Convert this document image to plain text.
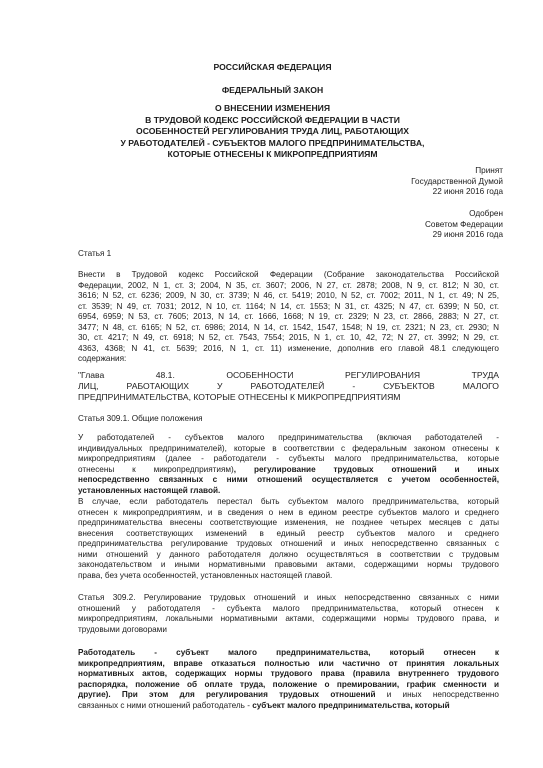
РОССИЙСКАЯ ФЕДЕРАЦИЯ
ФЕДЕРАЛЬНЫЙ ЗАКОН
О ВНЕСЕНИИ ИЗМЕНЕНИЯ
В ТРУДОВОЙ КОДЕКС РОССИЙСКОЙ ФЕДЕРАЦИИ В ЧАСТИ
ОСОБЕННОСТЕЙ РЕГУЛИРОВАНИЯ ТРУДА ЛИЦ, РАБОТАЮЩИХ
У РАБОТОДАТЕЛЕЙ - СУБЪЕКТОВ МАЛОГО ПРЕДПРИНИМАТЕЛЬСТВА,
КОТОРЫЕ ОТНЕСЕНЫ К МИКРОПРЕДПРИЯТИЯМ
Принят
Государственной Думой
22 июня 2016 года
Одобрен
Советом Федерации
29 июня 2016 года
Статья 1
Внести в Трудовой кодекс Российской Федерации (Собрание законодательства Российской
Федерации, 2002, N 1, ст. 3; 2004, N 35, ст. 3607; 2006, N 27, ст. 2878; 2008, N 9, ст. 812; N 30, ст.
3616; N 52, ст. 6236; 2009, N 30, ст. 3739; N 46, ст. 5419; 2010, N 52, ст. 7002; 2011, N 1, ст. 49; N 25,
ст. 3539; N 49, ст. 7031; 2012, N 10, ст. 1164; N 14, ст. 1553; N 31, ст. 4325; N 47, ст. 6399; N 50, ст.
6954, 6959; N 53, ст. 7605; 2013, N 14, ст. 1666, 1668; N 19, ст. 2329; N 23, ст. 2866, 2883; N 27, ст.
3477; N 48, ст. 6165; N 52, ст. 6986; 2014, N 14, ст. 1542, 1547, 1548; N 19, ст. 2321; N 23, ст. 2930; N
30, ст. 4217; N 49, ст. 6918; N 52, ст. 7543, 7554; 2015, N 1, ст. 10, 42, 72; N 27, ст. 3992; N 29, ст.
4363, 4368; N 41, ст. 5639; 2016, N 1, ст. 11) изменение, дополнив его главой 48.1 следующего
содержания:
"Глава 48.1. ОСОБЕННОСТИ РЕГУЛИРОВАНИЯ ТРУДА
ЛИЦ, РАБОТАЮЩИХ У РАБОТОДАТЕЛЕЙ - СУБЪЕКТОВ МАЛОГО
ПРЕДПРИНИМАТЕЛЬСТВА, КОТОРЫЕ ОТНЕСЕНЫ К МИКРОПРЕДПРИЯТИЯМ
Статья 309.1. Общие положения
У работодателей - субъектов малого предпринимательства (включая работодателей -
индивидуальных предпринимателей), которые в соответствии с федеральным законом отнесены к
микропредприятиям (далее - работодатели - субъекты малого предпринимательства, которые
отнесены к микропредприятиям), регулирование трудовых отношений и иных
непосредственно связанных с ними отношений осуществляется с учетом особенностей,
установленных настоящей главой.
В случае, если работодатель перестал быть субъектом малого предпринимательства, который
отнесен к микропредприятиям, и в сведения о нем в едином реестре субъектов малого и среднего
предпринимательства внесены соответствующие изменения, не позднее четырех месяцев с даты
внесения соответствующих изменений в единый реестр субъектов малого и среднего
предпринимательства регулирование трудовых отношений и иных непосредственно связанных с
ними отношений у данного работодателя должно осуществляться в соответствии с трудовым
законодательством и иными нормативными правовыми актами, содержащими нормы трудового
права, без учета особенностей, установленных настоящей главой.
Статья 309.2. Регулирование трудовых отношений и иных непосредственно связанных с ними
отношений у работодателя - субъекта малого предпринимательства, который отнесен к
микропредприятиям, локальными нормативными актами, содержащими нормы трудового права, и
трудовыми договорами
Работодатель - субъект малого предпринимательства, который отнесен к
микропредприятиям, вправе отказаться полностью или частично от принятия локальных
нормативных актов, содержащих нормы трудового права (правила внутреннего трудового
распорядка, положение об оплате труда, положение о премировании, график сменности и
другие). При этом для регулирования трудовых отношений и иных непосредственно
связанных с ними отношений работодатель - субъект малого предпринимательства, который
